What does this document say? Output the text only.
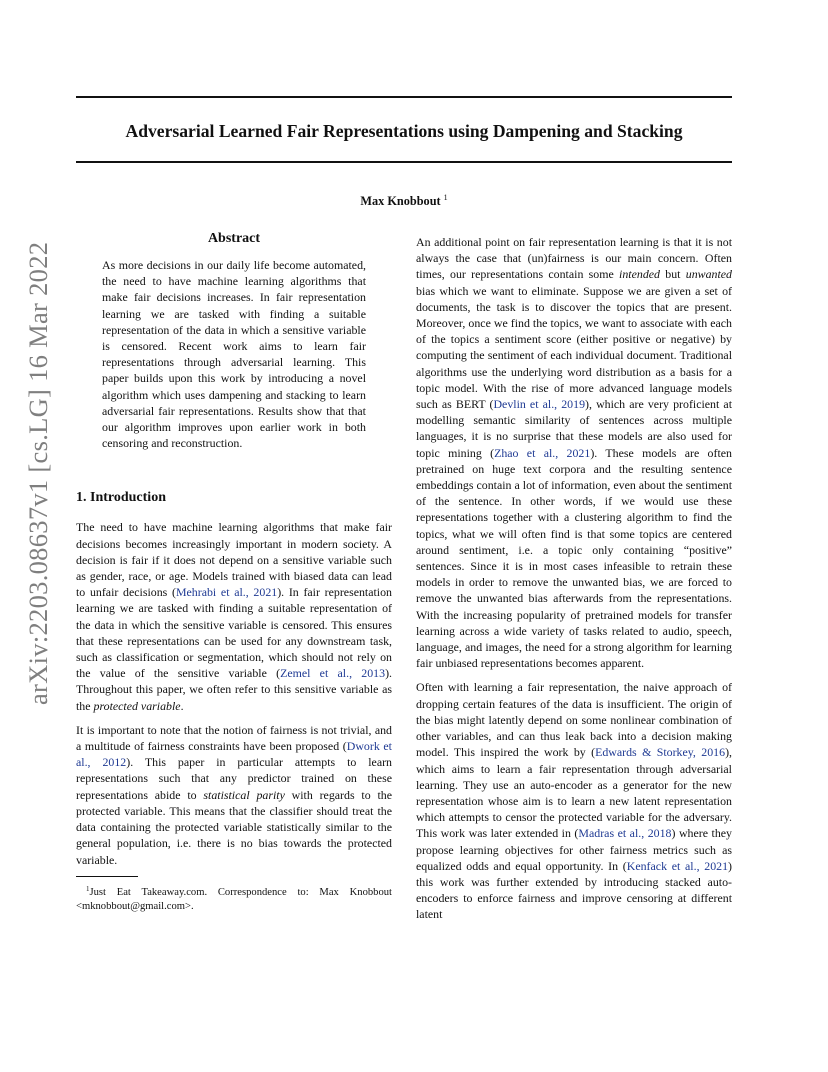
Adversarial Learned Fair Representations using Dampening and Stacking
Max Knobbout $^1$
arXiv:2203.08637v1 [cs.LG] 16 Mar 2022
Abstract
As more decisions in our daily life become automated, the need to have machine learning algorithms that make fair decisions increases. In fair representation learning we are tasked with finding a suitable representation of the data in which a sensitive variable is censored. Recent work aims to learn fair representations through adversarial learning. This paper builds upon this work by introducing a novel algorithm which uses dampening and stacking to learn adversarial fair representations. Results show that that our algorithm improves upon earlier work in both censoring and reconstruction.
1. Introduction

The need to have machine learning algorithms that make fair decisions becomes increasingly important in modern society. A decision is fair if it does not depend on a sensitive variable such as gender, race, or age. Models trained with biased data can lead to unfair decisions (Mehrabi et al., 2021). In fair representation learning we are tasked with finding a suitable representation of the data in which the sensitive variable is censored. This ensures that these representations can be used for any downstream task, such as classification or segmentation, which should not rely on the value of the sensitive variable (Zemel et al., 2013). Throughout this paper, we often refer to this sensitive variable as the protected variable.

It is important to note that the notion of fairness is not trivial, and a multitude of fairness constraints have been proposed (Dwork et al., 2012). This paper in particular attempts to learn representations such that any predictor trained on these representations abide to statistical parity with regards to the protected variable. This means that the classifier should treat the data containing the protected variable statistically similar to the general population, i.e. there is no bias towards the protected variable.

$^1$Just Eat Takeaway.com. Correspondence to: Max Knobbout <mknobbout@gmail.com>.

An additional point on fair representation learning is that it is not always the case that (un)fairness is our main concern. Often times, our representations contain some intended but unwanted bias which we want to eliminate. Suppose we are given a set of documents, the task is to discover the topics that are present. Moreover, once we find the topics, we want to associate with each of the topics a sentiment score (either positive or negative) by computing the sentiment of each individual document. Traditional algorithms use the underlying word distribution as a basis for a topic model. With the rise of more advanced language models such as BERT (Devlin et al., 2019), which are very proficient at modelling semantic similarity of sentences across multiple languages, it is no surprise that these models are also used for topic mining (Zhao et al., 2021). These models are often pretrained on huge text corpora and the resulting sentence embeddings contain a lot of information, even about the sentiment of the sentence. In other words, if we would use these representations together with a clustering algorithm to find the topics, what we will often find is that some topics are centered around sentiment, i.e. a topic only containing “positive” sentences. Since it is in most cases infeasible to retrain these models in order to remove the unwanted bias, we are forced to remove the unwanted bias afterwards from the representations. With the increasing popularity of pretrained models for transfer learning across a wide variety of tasks related to audio, speech, language, and images, the need for a strong algorithm for learning fair unbiased representations becomes apparent.

Often with learning a fair representation, the naive approach of dropping certain features of the data is insufficient. The origin of the bias might latently depend on some nonlinear combination of other variables, and can thus leak back into a decision making model. This inspired the work by (Edwards & Storkey, 2016), which aims to learn a fair representation through adversarial learning. They use an auto-encoder as a generator for the new representation whose aim is to learn a new latent representation which attempts to censor the protected variable for the adversary. This work was later extended in (Madras et al., 2018) where they propose learning objectives for other fairness metrics such as equalized odds and equal opportunity. In (Kenfack et al., 2021) this work was further extended by introducing stacked auto-encoders to enforce fairness and improve censoring at different latent
